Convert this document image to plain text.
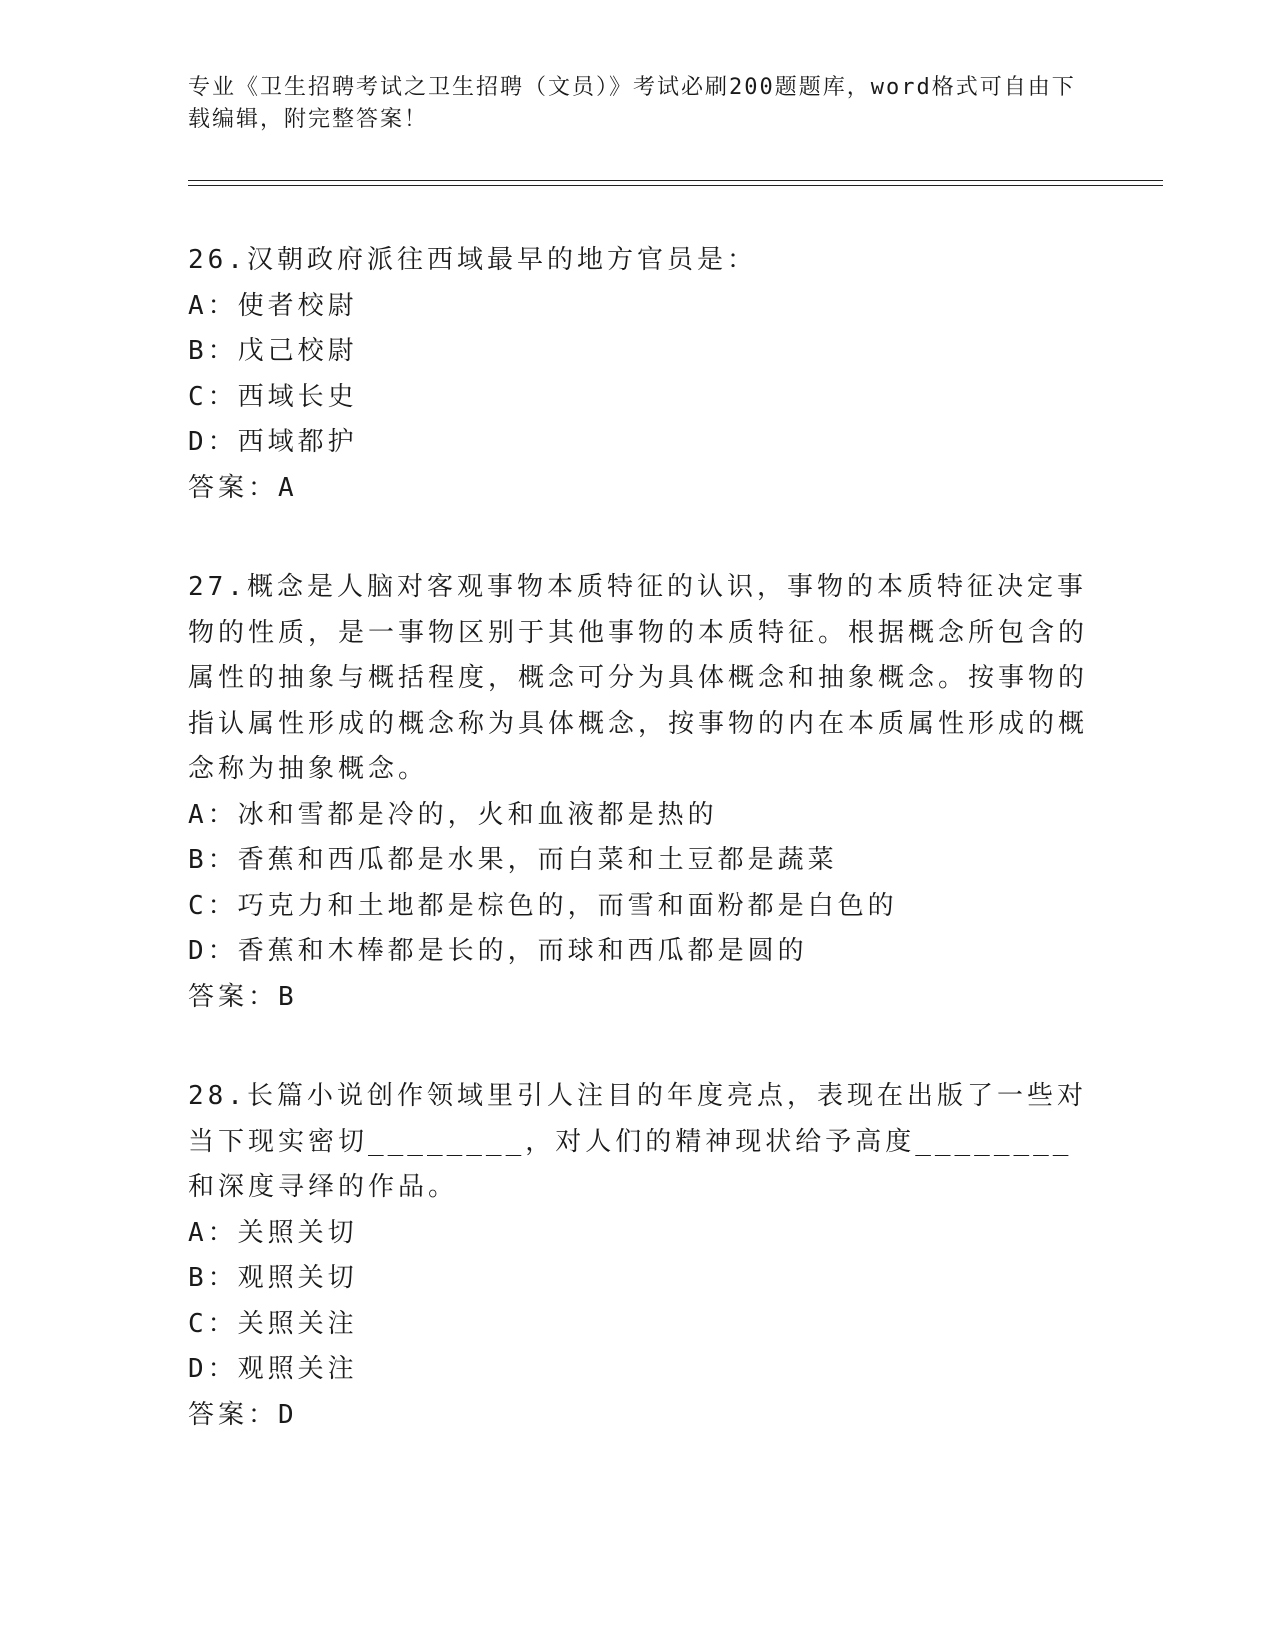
专业《卫生招聘考试之卫生招聘（文员）》考试必刷200题题库，word格式可自由下载编辑，附完整答案！

26.汉朝政府派往西域最早的地方官员是：

A：使者校尉

B：戊己校尉

C：西域长史

D：西域都护

答案：A

27.概念是人脑对客观事物本质特征的认识，事物的本质特征决定事物的性质，是一事物区别于其他事物的本质特征。根据概念所包含的属性的抽象与概括程度，概念可分为具体概念和抽象概念。按事物的指认属性形成的概念称为具体概念，按事物的内在本质属性形成的概念称为抽象概念。

A：冰和雪都是冷的，火和血液都是热的

B：香蕉和西瓜都是水果，而白菜和土豆都是蔬菜

C：巧克力和土地都是棕色的，而雪和面粉都是白色的

D：香蕉和木棒都是长的，而球和西瓜都是圆的

答案：B

28.长篇小说创作领域里引人注目的年度亮点，表现在出版了一些对当下现实密切________，对人们的精神现状给予高度________和深度寻绎的作品。

A：关照关切

B：观照关切

C：关照关注

D：观照关注

答案：D
